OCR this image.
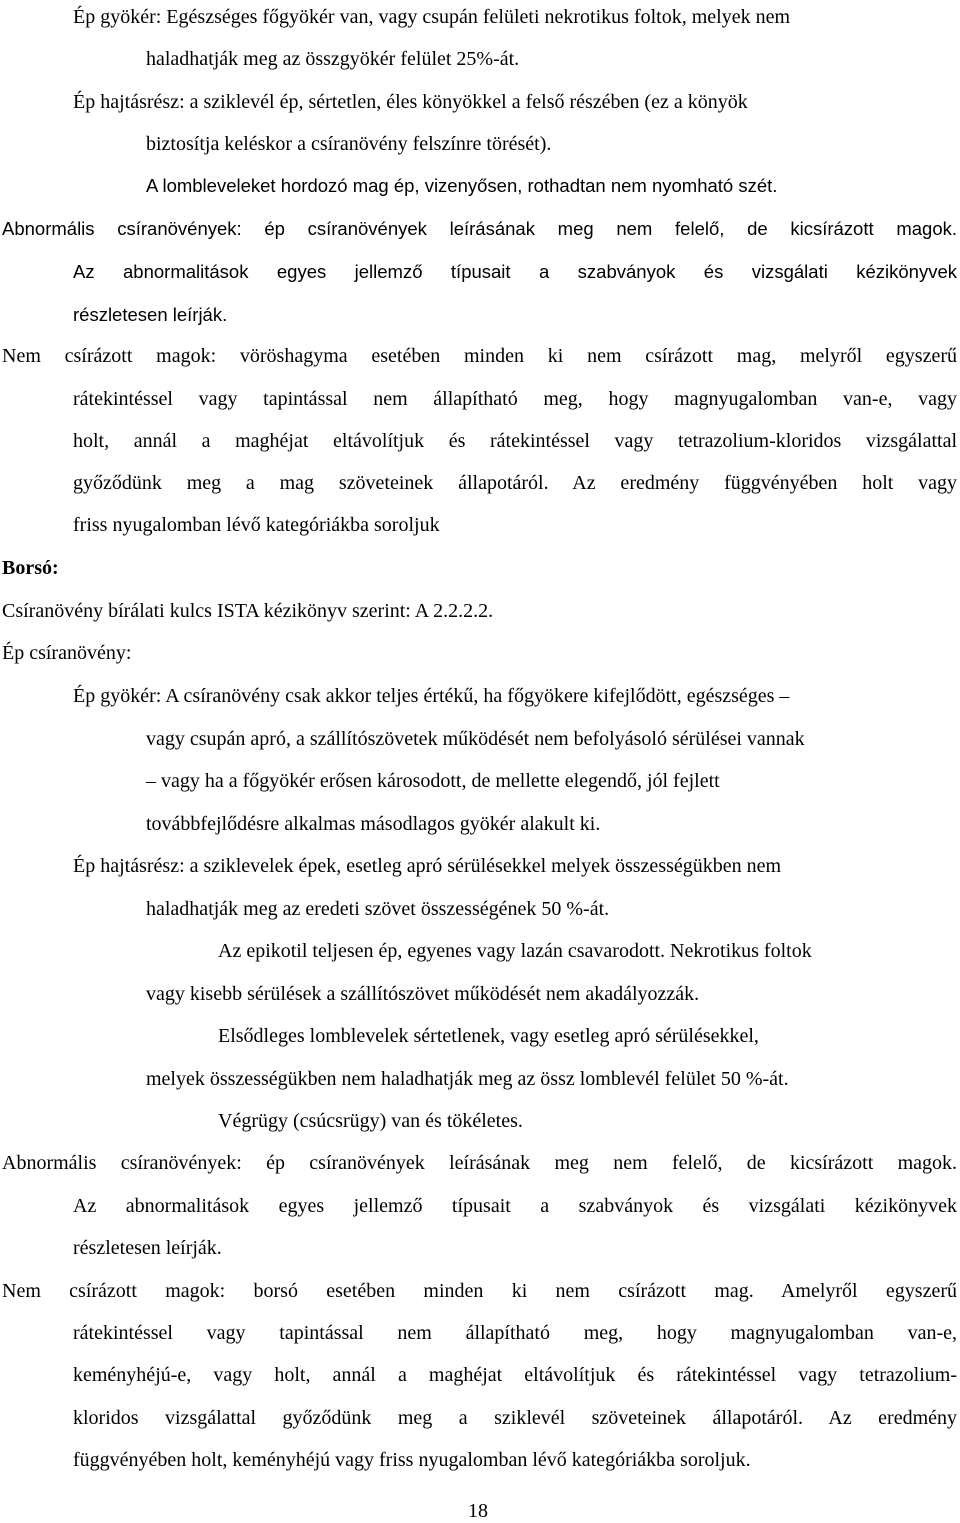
Ép gyökér: Egészséges főgyökér van, vagy csupán felületi nekrotikus foltok, melyek nem

haladhatják meg az összgyökér felület 25%-át.

Ép hajtásrész: a sziklevél ép, sértetlen, éles könyökkel a felső részében (ez a könyök

biztosítja keléskor a csíranövény felszínre törését).

A lombleveleket hordozó mag ép, vizenyősen, rothadtan nem nyomható szét.

Abnormális csíranövények: ép csíranövények leírásának meg nem felelő, de kicsírázott magok.

Az abnormalitások egyes jellemző típusait a szabványok és vizsgálati kézikönyvek

részletesen leírják.

Nem csírázott magok: vöröshagyma esetében minden ki nem csírázott mag, melyről egyszerű

rátekintéssel vagy tapintással nem állapítható meg, hogy magnyugalomban van-e, vagy

holt, annál a maghéjat eltávolítjuk és rátekintéssel vagy tetrazolium-kloridos vizsgálattal

győződünk meg a mag szöveteinek állapotáról. Az eredmény függvényében holt vagy

friss nyugalomban lévő kategóriákba soroljuk

Borsó:

Csíranövény bírálati kulcs ISTA kézikönyv szerint: A 2.2.2.2.

Ép csíranövény:

Ép gyökér: A csíranövény csak akkor teljes értékű, ha főgyökere kifejlődött, egészséges –

vagy csupán apró, a szállítószövetek működését nem befolyásoló sérülései vannak

– vagy ha a főgyökér erősen károsodott, de mellette elegendő, jól fejlett

továbbfejlődésre alkalmas másodlagos gyökér alakult ki.

Ép hajtásrész: a sziklevelek épek, esetleg apró sérülésekkel melyek összességükben nem

haladhatják meg az eredeti szövet összességének 50 %-át.

Az epikotil teljesen ép, egyenes vagy lazán csavarodott. Nekrotikus foltok

vagy kisebb sérülések a szállítószövet működését nem akadályozzák.

Elsődleges lomblevelek sértetlenek, vagy esetleg apró sérülésekkel,

melyek összességükben nem haladhatják meg az össz lomblevél felület 50 %-át.

Végrügy (csúcsrügy) van és tökéletes.

Abnormális csíranövények: ép csíranövények leírásának meg nem felelő, de kicsírázott magok.

Az abnormalitások egyes jellemző típusait a szabványok és vizsgálati kézikönyvek

részletesen leírják.

Nem csírázott magok: borsó esetében minden ki nem csírázott mag. Amelyről egyszerű

rátekintéssel vagy tapintással nem állapítható meg, hogy magnyugalomban van-e,

keményhéjú-e, vagy holt, annál a maghéjat eltávolítjuk és rátekintéssel vagy tetrazolium-

kloridos vizsgálattal győződünk meg a sziklevél szöveteinek állapotáról. Az eredmény

függvényében holt, keményhéjú vagy friss nyugalomban lévő kategóriákba soroljuk.

18
